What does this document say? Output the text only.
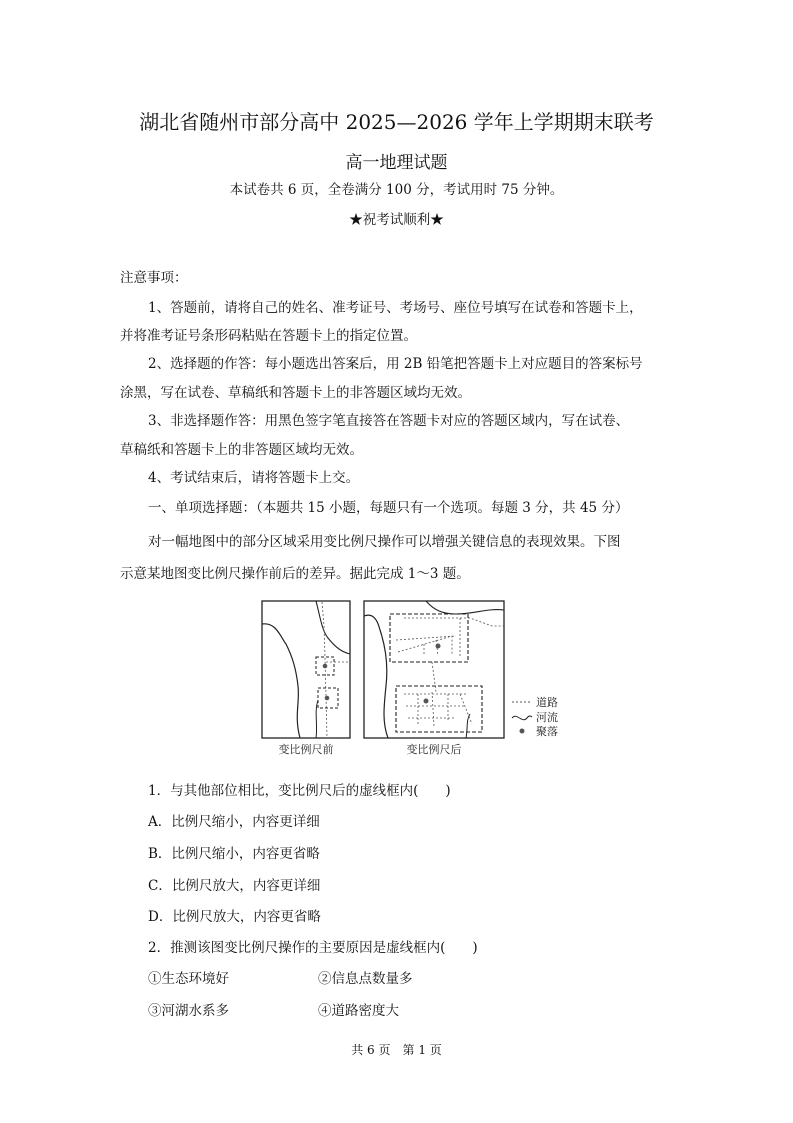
湖北省随州市部分高中 2025—2026 学年上学期期末联考
高一地理试题
本试卷共 6 页，全卷满分 100 分，考试用时 75 分钟。
★祝考试顺利★
注意事项：
1、答题前，请将自己的姓名、准考证号、考场号、座位号填写在试卷和答题卡上，
并将准考证号条形码粘贴在答题卡上的指定位置。
2、选择题的作答：每小题选出答案后，用 2B 铅笔把答题卡上对应题目的答案标号
涂黑，写在试卷、草稿纸和答题卡上的非答题区域均无效。
3、非选择题作答：用黑色签字笔直接答在答题卡对应的答题区域内，写在试卷、
草稿纸和答题卡上的非答题区域均无效。
4、考试结束后，请将答题卡上交。
一、单项选择题：（本题共 15 小题，每题只有一个选项。每题 3 分，共 45 分）
对一幅地图中的部分区域采用变比例尺操作可以增强关键信息的表现效果。下图
示意某地图变比例尺操作前后的差异。据此完成 1～3 题。
道路
河流
聚落
变比例尺前	变比例尺后
1．与其他部位相比，变比例尺后的虚线框内(　　)
A．比例尺缩小，内容更详细
B．比例尺缩小，内容更省略
C．比例尺放大，内容更详细
D．比例尺放大，内容更省略
2．推测该图变比例尺操作的主要原因是虚线框内(　　)
①生态环境好	②信息点数量多
③河湖水系多	④道路密度大
共 6 页　第 1 页
